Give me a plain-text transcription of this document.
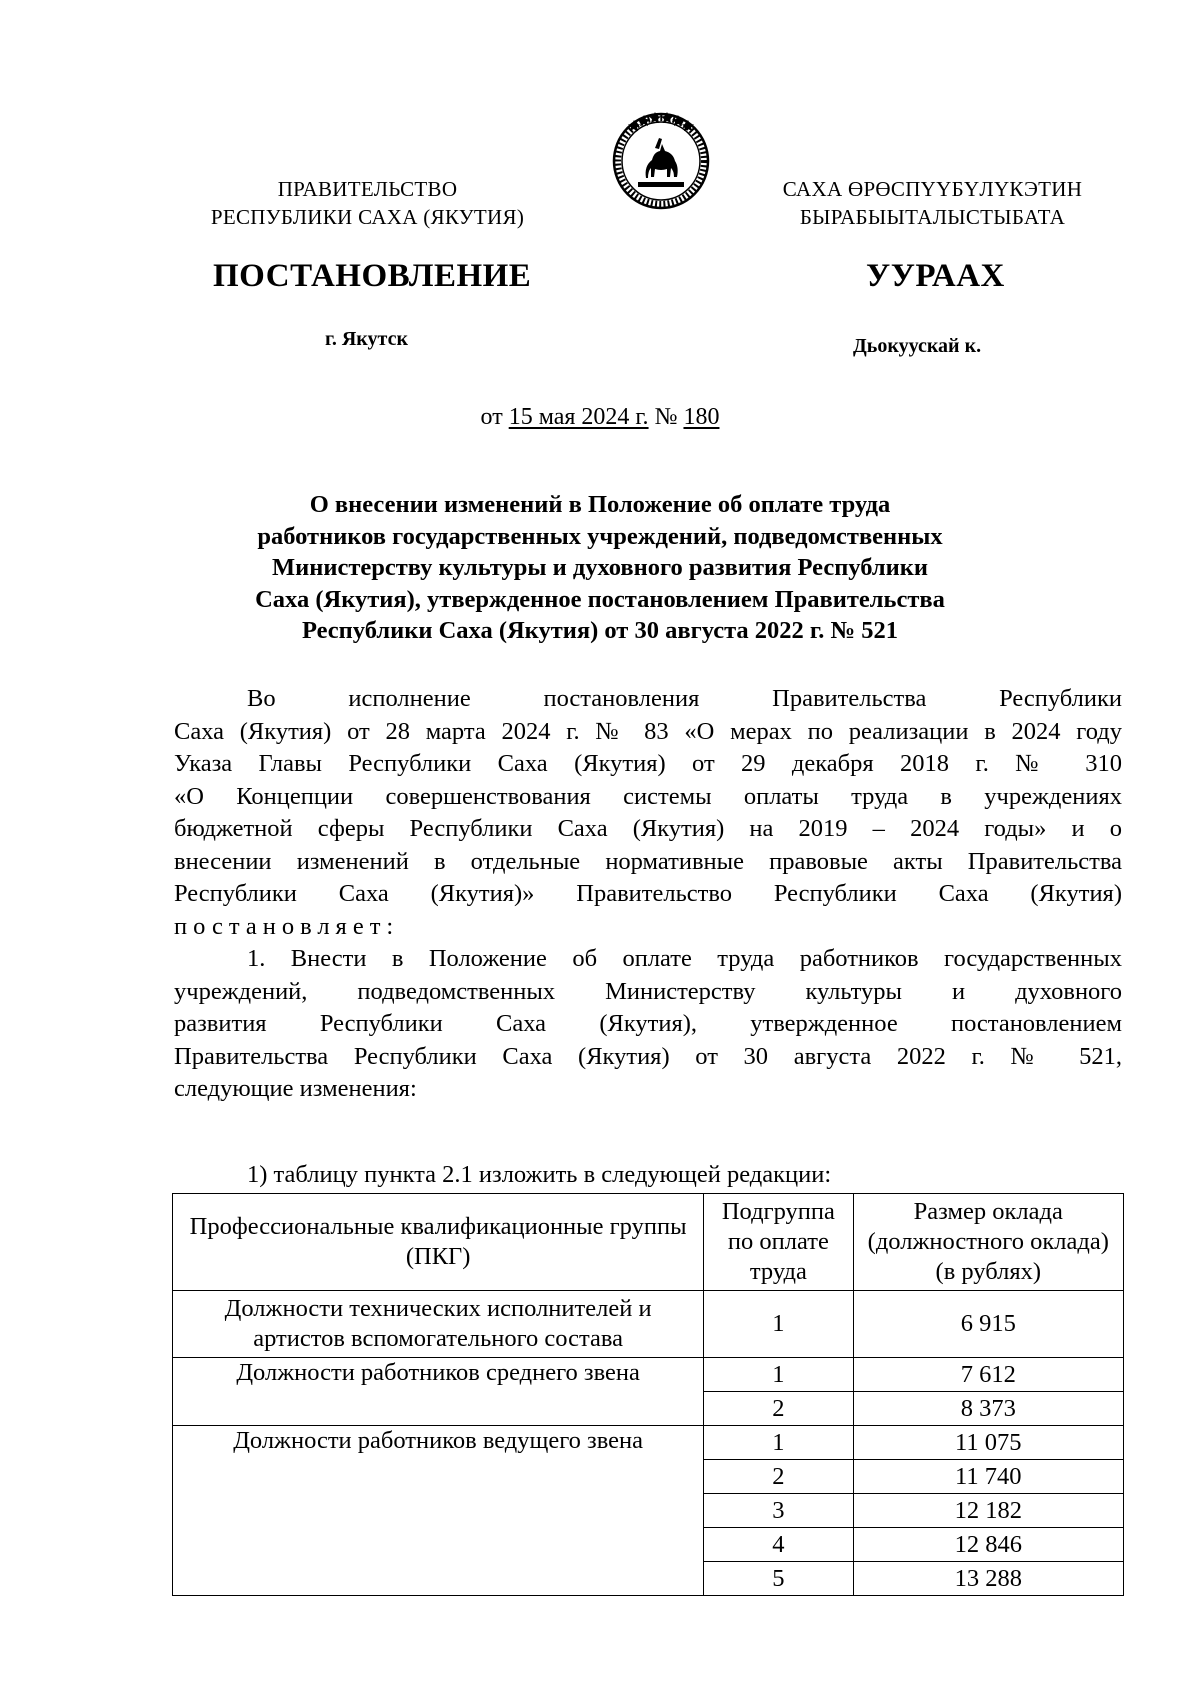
ПРАВИТЕЛЬСТВО
РЕСПУБЛИКИ САХА (ЯКУТИЯ)
САХА ӨРӨСПҮҮБҮЛҮКЭТИН
БЫРАБЫЫТАЛЫСТЫБАТА
ПОСТАНОВЛЕНИЕ	УУРААХ
г. Якутск	Дьокуускай к.
от 15 мая 2024 г. № 180
О внесении изменений в Положение об оплате труда
работников государственных учреждений, подведомственных
Министерству культуры и духовного развития Республики
Саха (Якутия), утвержденное постановлением Правительства
Республики Саха (Якутия) от 30 августа 2022 г. № 521
Во исполнение постановления Правительства Республики
Саха (Якутия) от 28 марта 2024 г. № 83 «О мерах по реализации в 2024 году
Указа Главы Республики Саха (Якутия) от 29 декабря 2018 г. № 310
«О Концепции совершенствования системы оплаты труда в учреждениях
бюджетной сферы Республики Саха (Якутия) на 2019 – 2024 годы» и о
внесении изменений в отдельные нормативные правовые акты Правительства
Республики Саха (Якутия)» Правительство Республики Саха (Якутия)
постановляет:
1. Внести в Положение об оплате труда работников государственных
учреждений, подведомственных Министерству культуры и духовного
развития Республики Саха (Якутия), утвержденное постановлением
Правительства Республики Саха (Якутия) от 30 августа 2022 г. № 521,
следующие изменения:
1) таблицу пункта 2.1 изложить в следующей редакции:
Профессиональные квалификационные группы (ПКГ)	Подгруппа по оплате труда	Размер оклада (должностного оклада) (в рублях)
Должности технических исполнителей и артистов вспомогательного состава	1	6 915
Должности работников среднего звена	1	7 612
	2	8 373
Должности работников ведущего звена	1	11 075
	2	11 740
	3	12 182
	4	12 846
	5	13 288
